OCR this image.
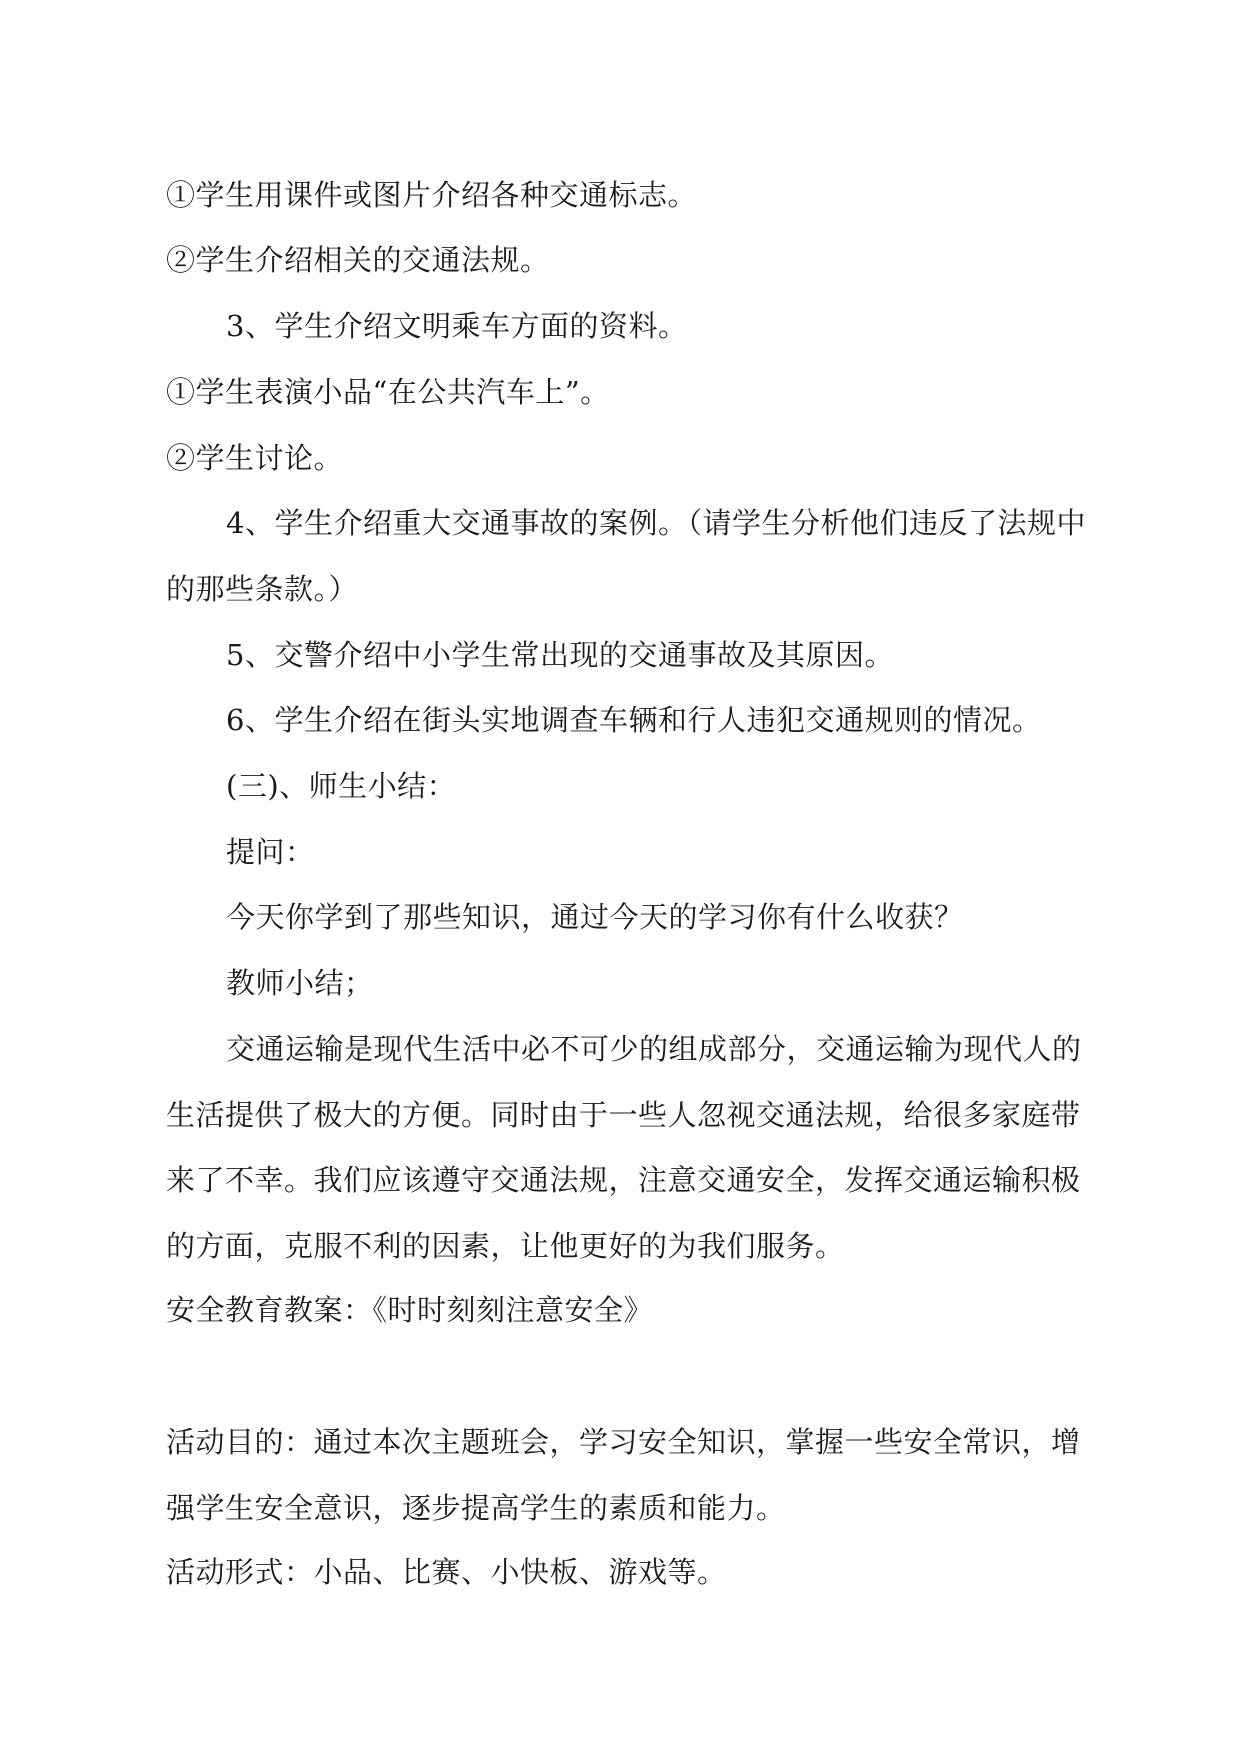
①学生用课件或图片介绍各种交通标志。
②学生介绍相关的交通法规。
3、学生介绍文明乘车方面的资料。
①学生表演小品“在公共汽车上”。
②学生讨论。
4、学生介绍重大交通事故的案例。（请学生分析他们违反了法规中
的那些条款。）
5、交警介绍中小学生常出现的交通事故及其原因。
6、学生介绍在街头实地调查车辆和行人违犯交通规则的情况。
(三)、师生小结：
提问：
今天你学到了那些知识，通过今天的学习你有什么收获？
教师小结；
交通运输是现代生活中必不可少的组成部分，交通运输为现代人的
生活提供了极大的方便。同时由于一些人忽视交通法规，给很多家庭带
来了不幸。我们应该遵守交通法规，注意交通安全，发挥交通运输积极
的方面，克服不利的因素，让他更好的为我们服务。
安全教育教案：《时时刻刻注意安全》
活动目的：通过本次主题班会，学习安全知识，掌握一些安全常识，增
强学生安全意识，逐步提高学生的素质和能力。
活动形式：小品、比赛、小快板、游戏等。
